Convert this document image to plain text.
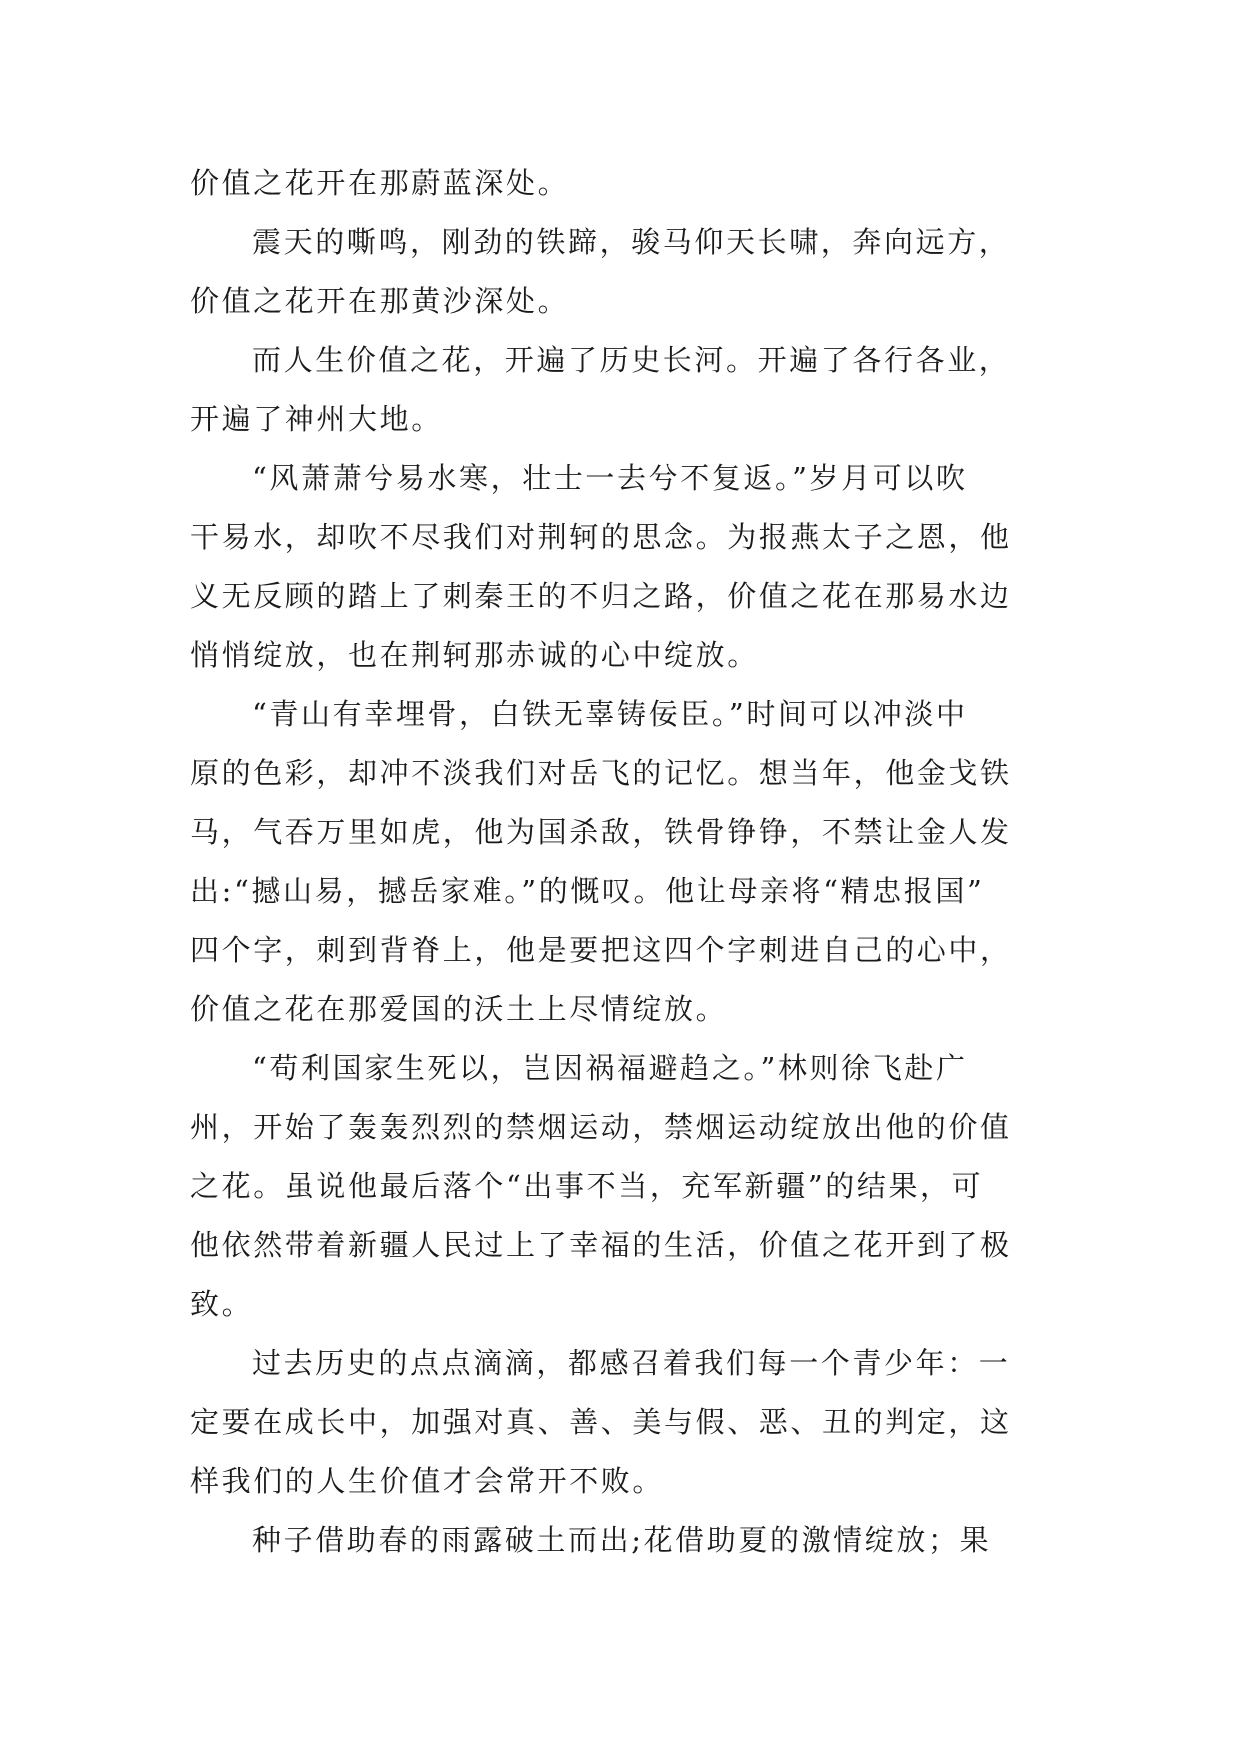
价值之花开在那蔚蓝深处。
震天的嘶鸣，刚劲的铁蹄，骏马仰天长啸，奔向远方，
价值之花开在那黄沙深处。
而人生价值之花，开遍了历史长河。开遍了各行各业，
开遍了神州大地。
“风萧萧兮易水寒，壮士一去兮不复返。”岁月可以吹
干易水，却吹不尽我们对荆轲的思念。为报燕太子之恩，他
义无反顾的踏上了刺秦王的不归之路，价值之花在那易水边
悄悄绽放，也在荆轲那赤诚的心中绽放。
“青山有幸埋骨，白铁无辜铸佞臣。”时间可以冲淡中
原的色彩，却冲不淡我们对岳飞的记忆。想当年，他金戈铁
马，气吞万里如虎，他为国杀敌，铁骨铮铮，不禁让金人发
出:“撼山易，撼岳家难。”的慨叹。他让母亲将“精忠报国”
四个字，刺到背脊上，他是要把这四个字刺进自己的心中，
价值之花在那爱国的沃土上尽情绽放。
“苟利国家生死以，岂因祸福避趋之。”林则徐飞赴广
州，开始了轰轰烈烈的禁烟运动，禁烟运动绽放出他的价值
之花。虽说他最后落个“出事不当，充军新疆”的结果，可
他依然带着新疆人民过上了幸福的生活，价值之花开到了极
致。
过去历史的点点滴滴，都感召着我们每一个青少年：一
定要在成长中，加强对真、善、美与假、恶、丑的判定，这
样我们的人生价值才会常开不败。
种子借助春的雨露破土而出;花借助夏的激情绽放；果
